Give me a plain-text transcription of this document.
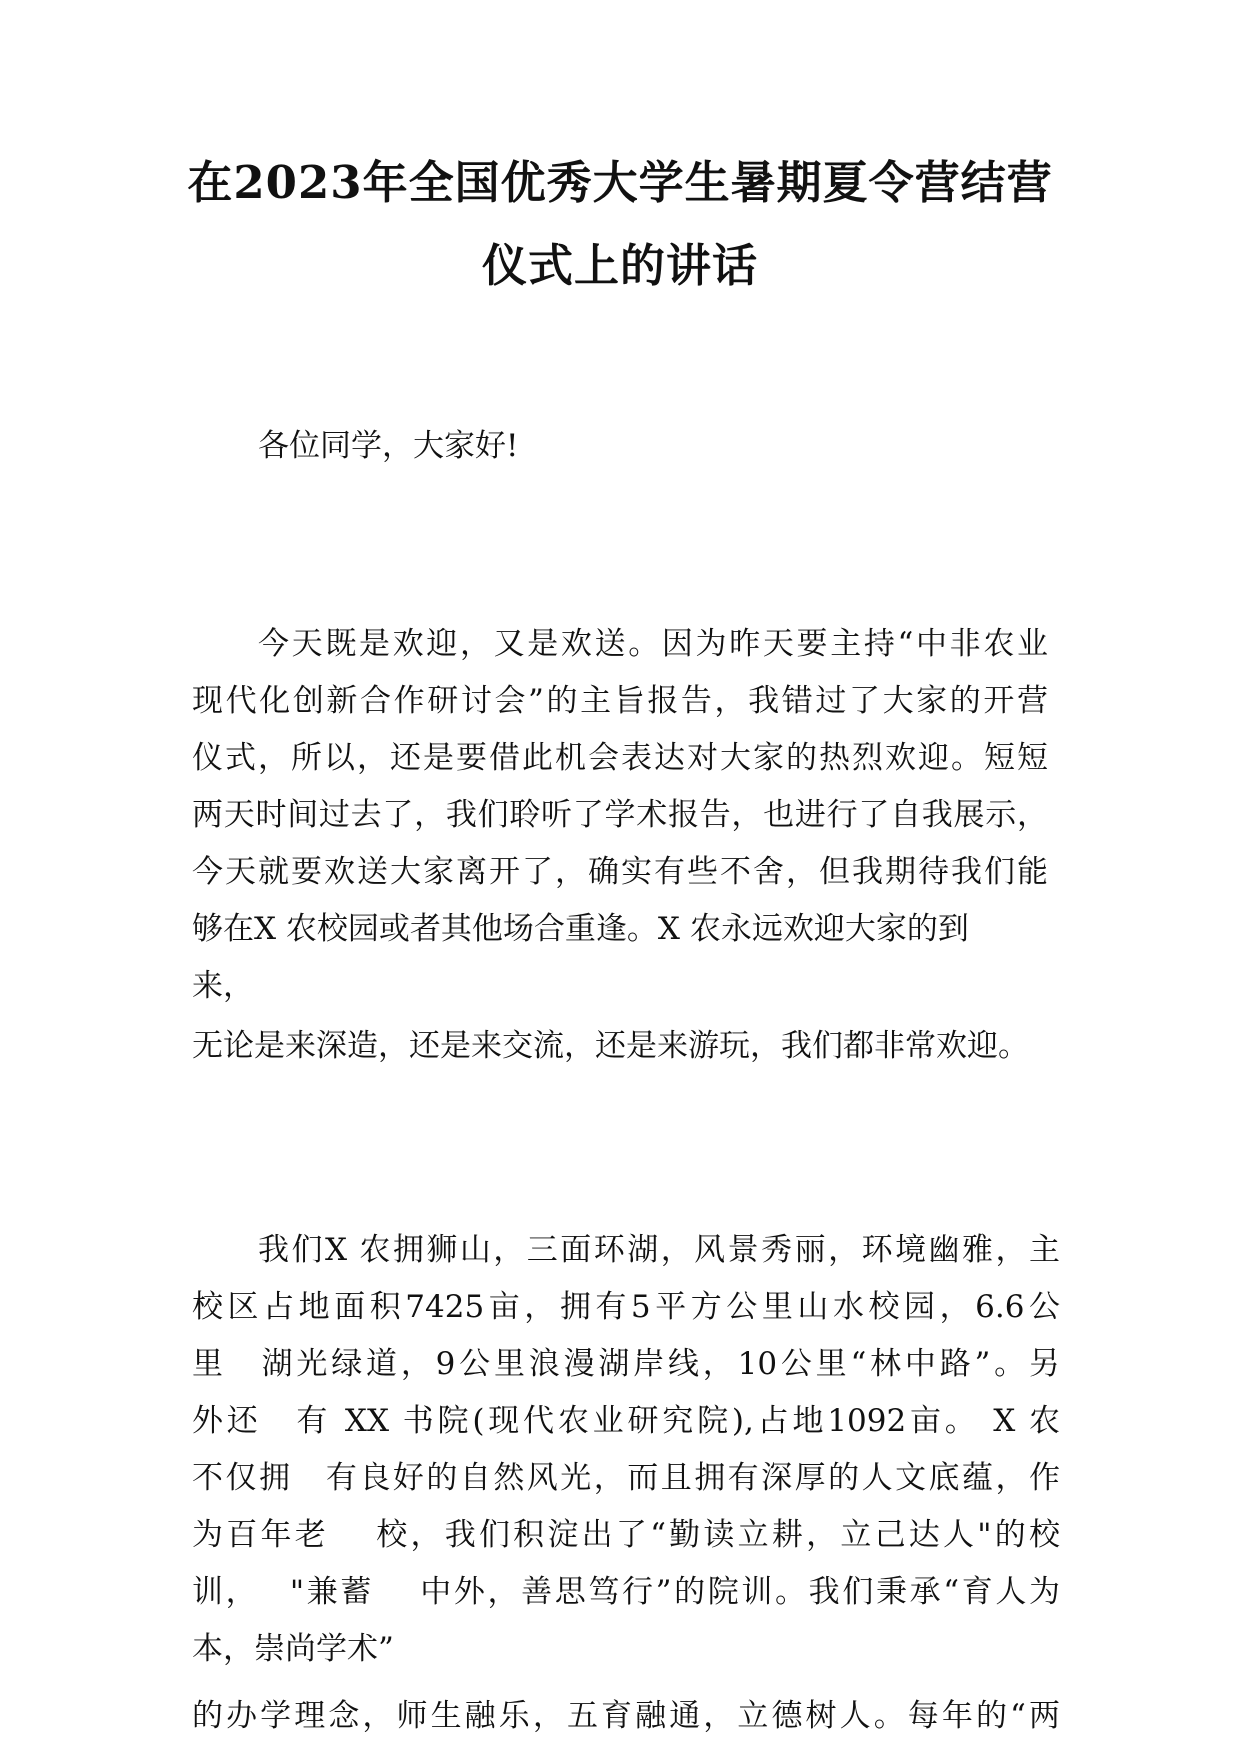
在2023年全国优秀大学生暑期夏令营结营
仪式上的讲话

各位同学，大家好!

今天既是欢迎，又是欢送。因为昨天要主持“中非农业
现代化创新合作研讨会”的主旨报告，我错过了大家的开营
仪式，所以，还是要借此机会表达对大家的热烈欢迎。短短
两天时间过去了，我们聆听了学术报告，也进行了自我展示，
今天就要欢送大家离开了，确实有些不舍，但我期待我们能
够在X 农校园或者其他场合重逢。X 农永远欢迎大家的到
来，

无论是来深造，还是来交流，还是来游玩，我们都非常欢迎。

我们X 农拥狮山，三面环湖，风景秀丽，环境幽雅，主
校区占地面积7425亩，拥有5平方公里山水校园，6.6公
里　湖光绿道，9公里浪漫湖岸线，10公里“林中路”。另
外还　有 XX 书院(现代农业研究院),占地1092亩。 X 农
不仅拥　有良好的自然风光，而且拥有深厚的人文底蕴，作
为百年老　 校，我们积淀出了“勤读立耕，立己达人"的校
训，　 "兼蓄　 中外，善思笃行”的院训。我们秉承“育人为
本，崇尚学术”
的办学理念，师生融乐，五育融通，立德树人。每年的“两
